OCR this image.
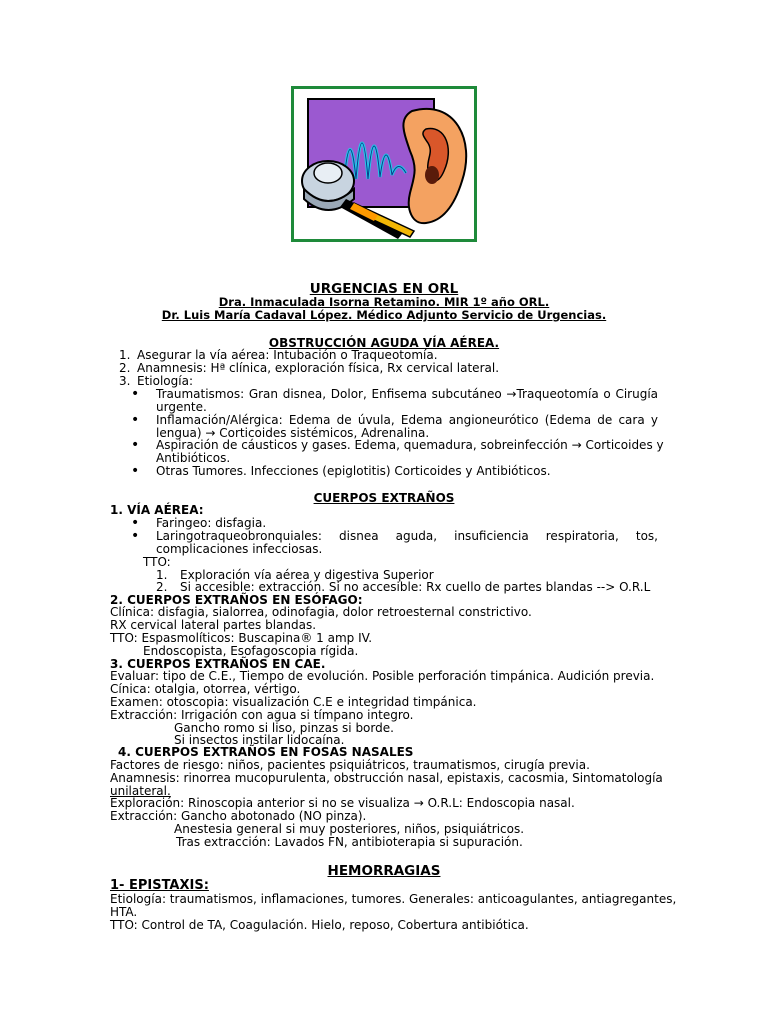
URGENCIAS EN ORL
Dra. Inmaculada Isorna Retamino. MIR 1º año ORL.
Dr. Luis María Cadaval López. Médico Adjunto Servicio de Urgencias.
OBSTRUCCIÓN AGUDA VÍA AÉREA.
1. Asegurar la vía aérea: Intubación o Traqueotomía.
2. Anamnesis: Hª clínica, exploración física, Rx cervical lateral.
3. Etiología:
• Traumatismos: Gran disnea, Dolor, Enfisema subcutáneo →Traqueotomía o Cirugía
urgente.
• Inflamación/Alérgica: Edema de úvula, Edema angioneurótico (Edema de cara y
lengua) → Corticoides sistémicos, Adrenalina.
• Aspiración de cáusticos y gases. Edema, quemadura, sobreinfección → Corticoides y
Antibióticos.
• Otras Tumores. Infecciones (epiglotitis) Corticoides y Antibióticos.
CUERPOS EXTRAÑOS
1. VÍA AÉREA:
• Faringeo: disfagia.
• Laringotraqueobronquiales: disnea aguda, insuficiencia respiratoria, tos,
complicaciones infecciosas.
TTO:
1. Exploración vía aérea y digestiva Superior
2. Si accesible: extracción. Si no accesible: Rx cuello de partes blandas --> O.R.L
2. CUERPOS EXTRAÑOS EN ESÓFAGO:
Clínica: disfagia, sialorrea, odinofagia, dolor retroesternal constrictivo.
RX cervical lateral partes blandas.
TTO: Espasmolíticos: Buscapina® 1 amp IV.
Endoscopista, Esofagoscopia rígida.
3. CUERPOS EXTRAÑOS EN CAE.
Evaluar: tipo de C.E., Tiempo de evolución. Posible perforación timpánica. Audición previa.
Cínica: otalgia, otorrea, vértigo.
Examen: otoscopia: visualización C.E e integridad timpánica.
Extracción: Irrigación con agua si tímpano integro.
Gancho romo si liso, pinzas si borde.
Si insectos instilar lidocaína.
4. CUERPOS EXTRAÑOS EN FOSAS NASALES
Factores de riesgo: niños, pacientes psiquiátricos, traumatismos, cirugía previa.
Anamnesis: rinorrea mucopurulenta, obstrucción nasal, epistaxis, cacosmia, Sintomatología
unilateral.
Exploración: Rinoscopia anterior si no se visualiza → O.R.L: Endoscopia nasal.
Extracción: Gancho abotonado (NO pinza).
Anestesia general si muy posteriores, niños, psiquiátricos.
Tras extracción: Lavados FN, antibioterapia si supuración.
HEMORRAGIAS
1- EPISTAXIS:
Etiología: traumatismos, inflamaciones, tumores. Generales: anticoagulantes, antiagregantes,
HTA.
TTO: Control de TA, Coagulación. Hielo, reposo, Cobertura antibiótica.
